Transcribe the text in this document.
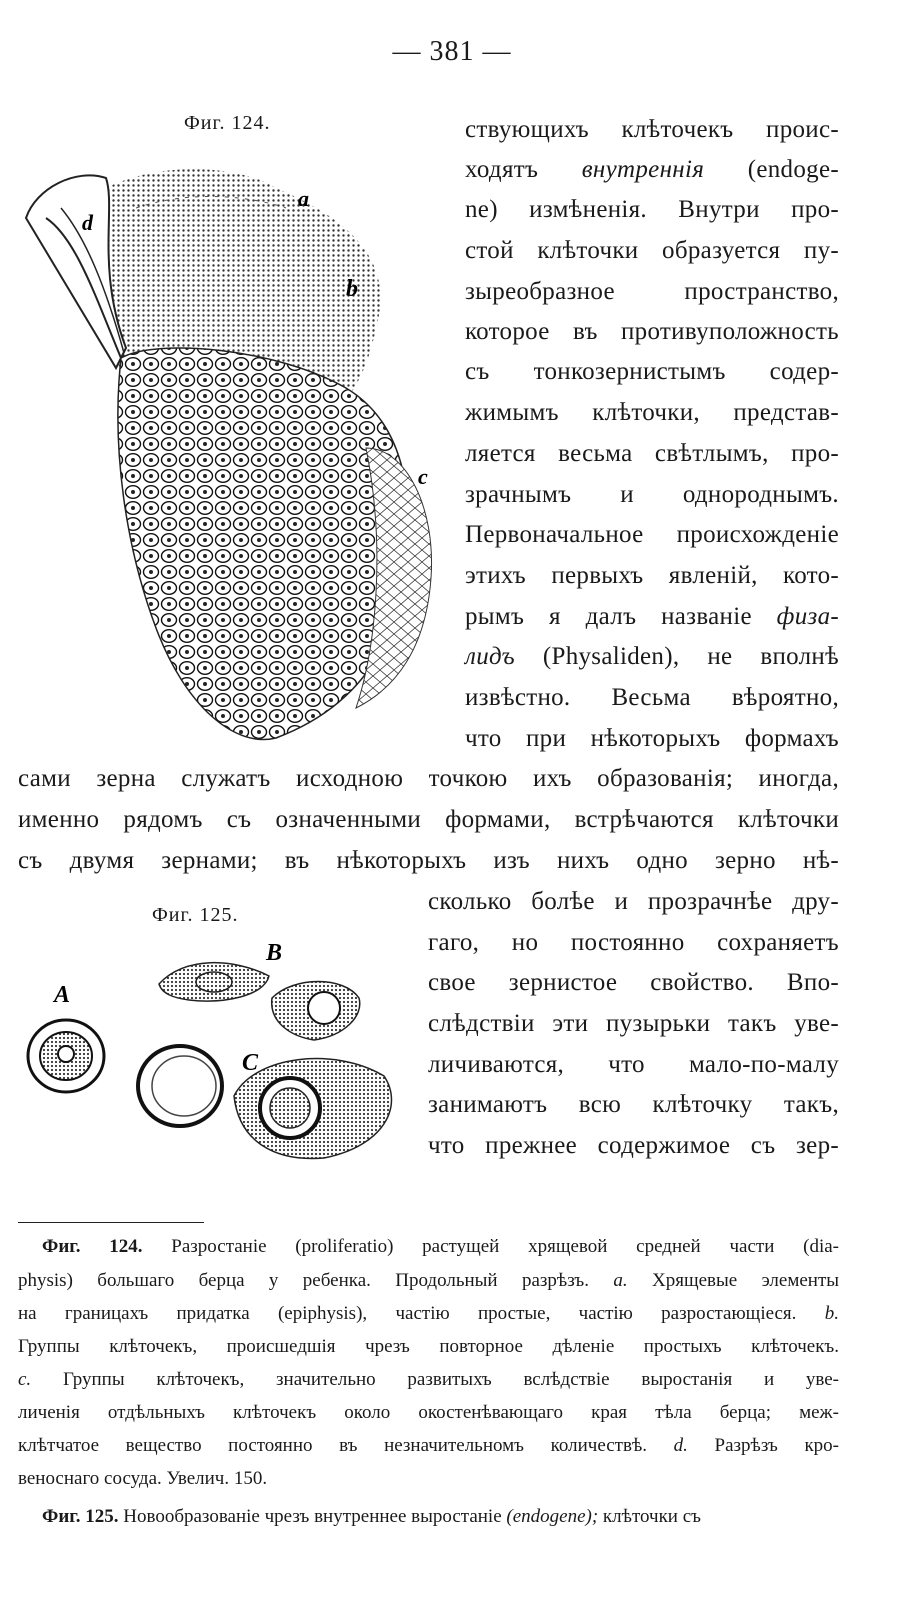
— 381 —
Фиг. 124.
d
a
b
c
ствующихъ клѣточекъ проис-
ходятъ внутреннія (endoge-
ne) измѣненія. Внутри про-
стой клѣточки образуется пу-
зыреобразное пространство,
которое въ противуположность
съ тонкозернистымъ содер-
жимымъ клѣточки, представ-
ляется весьма свѣтлымъ, про-
зрачнымъ и однороднымъ.
Первоначальное происхожденіе
этихъ первыхъ явленій, кото-
рымъ я далъ названіе физа-
лидъ (Physaliden), не вполнѣ
извѣстно. Весьма вѣроятно,
что при нѣкоторыхъ формахъ
сами зерна служатъ исходною точкою ихъ образованія; иногда,
именно рядомъ съ означенными формами, встрѣчаются клѣточки
съ двумя зернами; въ нѣкоторыхъ изъ нихъ одно зерно нѣ-
Фиг. 125.
A
B
C
сколько болѣе и прозрачнѣе дру-
гаго, но постоянно сохраняетъ
свое зернистое свойство. Впо-
слѣдствіи эти пузырьки такъ уве-
личиваются, что мало-по-малу
занимаютъ всю клѣточку такъ,
что прежнее содержимое съ зер-
Фиг. 124. Разростаніе (proliferatio) растущей хрящевой средней части (dia-
physis) большаго берца у ребенка. Продольный разрѣзъ. a. Хрящевые элементы
на границахъ придатка (epiphysis), частію простые, частію разростающіеся. b.
Группы клѣточекъ, происшедшія чрезъ повторное дѣленіе простыхъ клѣточекъ.
c. Группы клѣточекъ, значительно развитыхъ вслѣдствіе выростанія и уве-
личенія отдѣльныхъ клѣточекъ около окостенѣвающаго края тѣла берца; меж-
клѣтчатое вещество постоянно въ незначительномъ количествѣ. d. Разрѣзъ кро-
веноснаго сосуда. Увелич. 150.
Фиг. 125. Новообразованіе чрезъ внутреннее выростаніе (endogene); клѣточки съ
